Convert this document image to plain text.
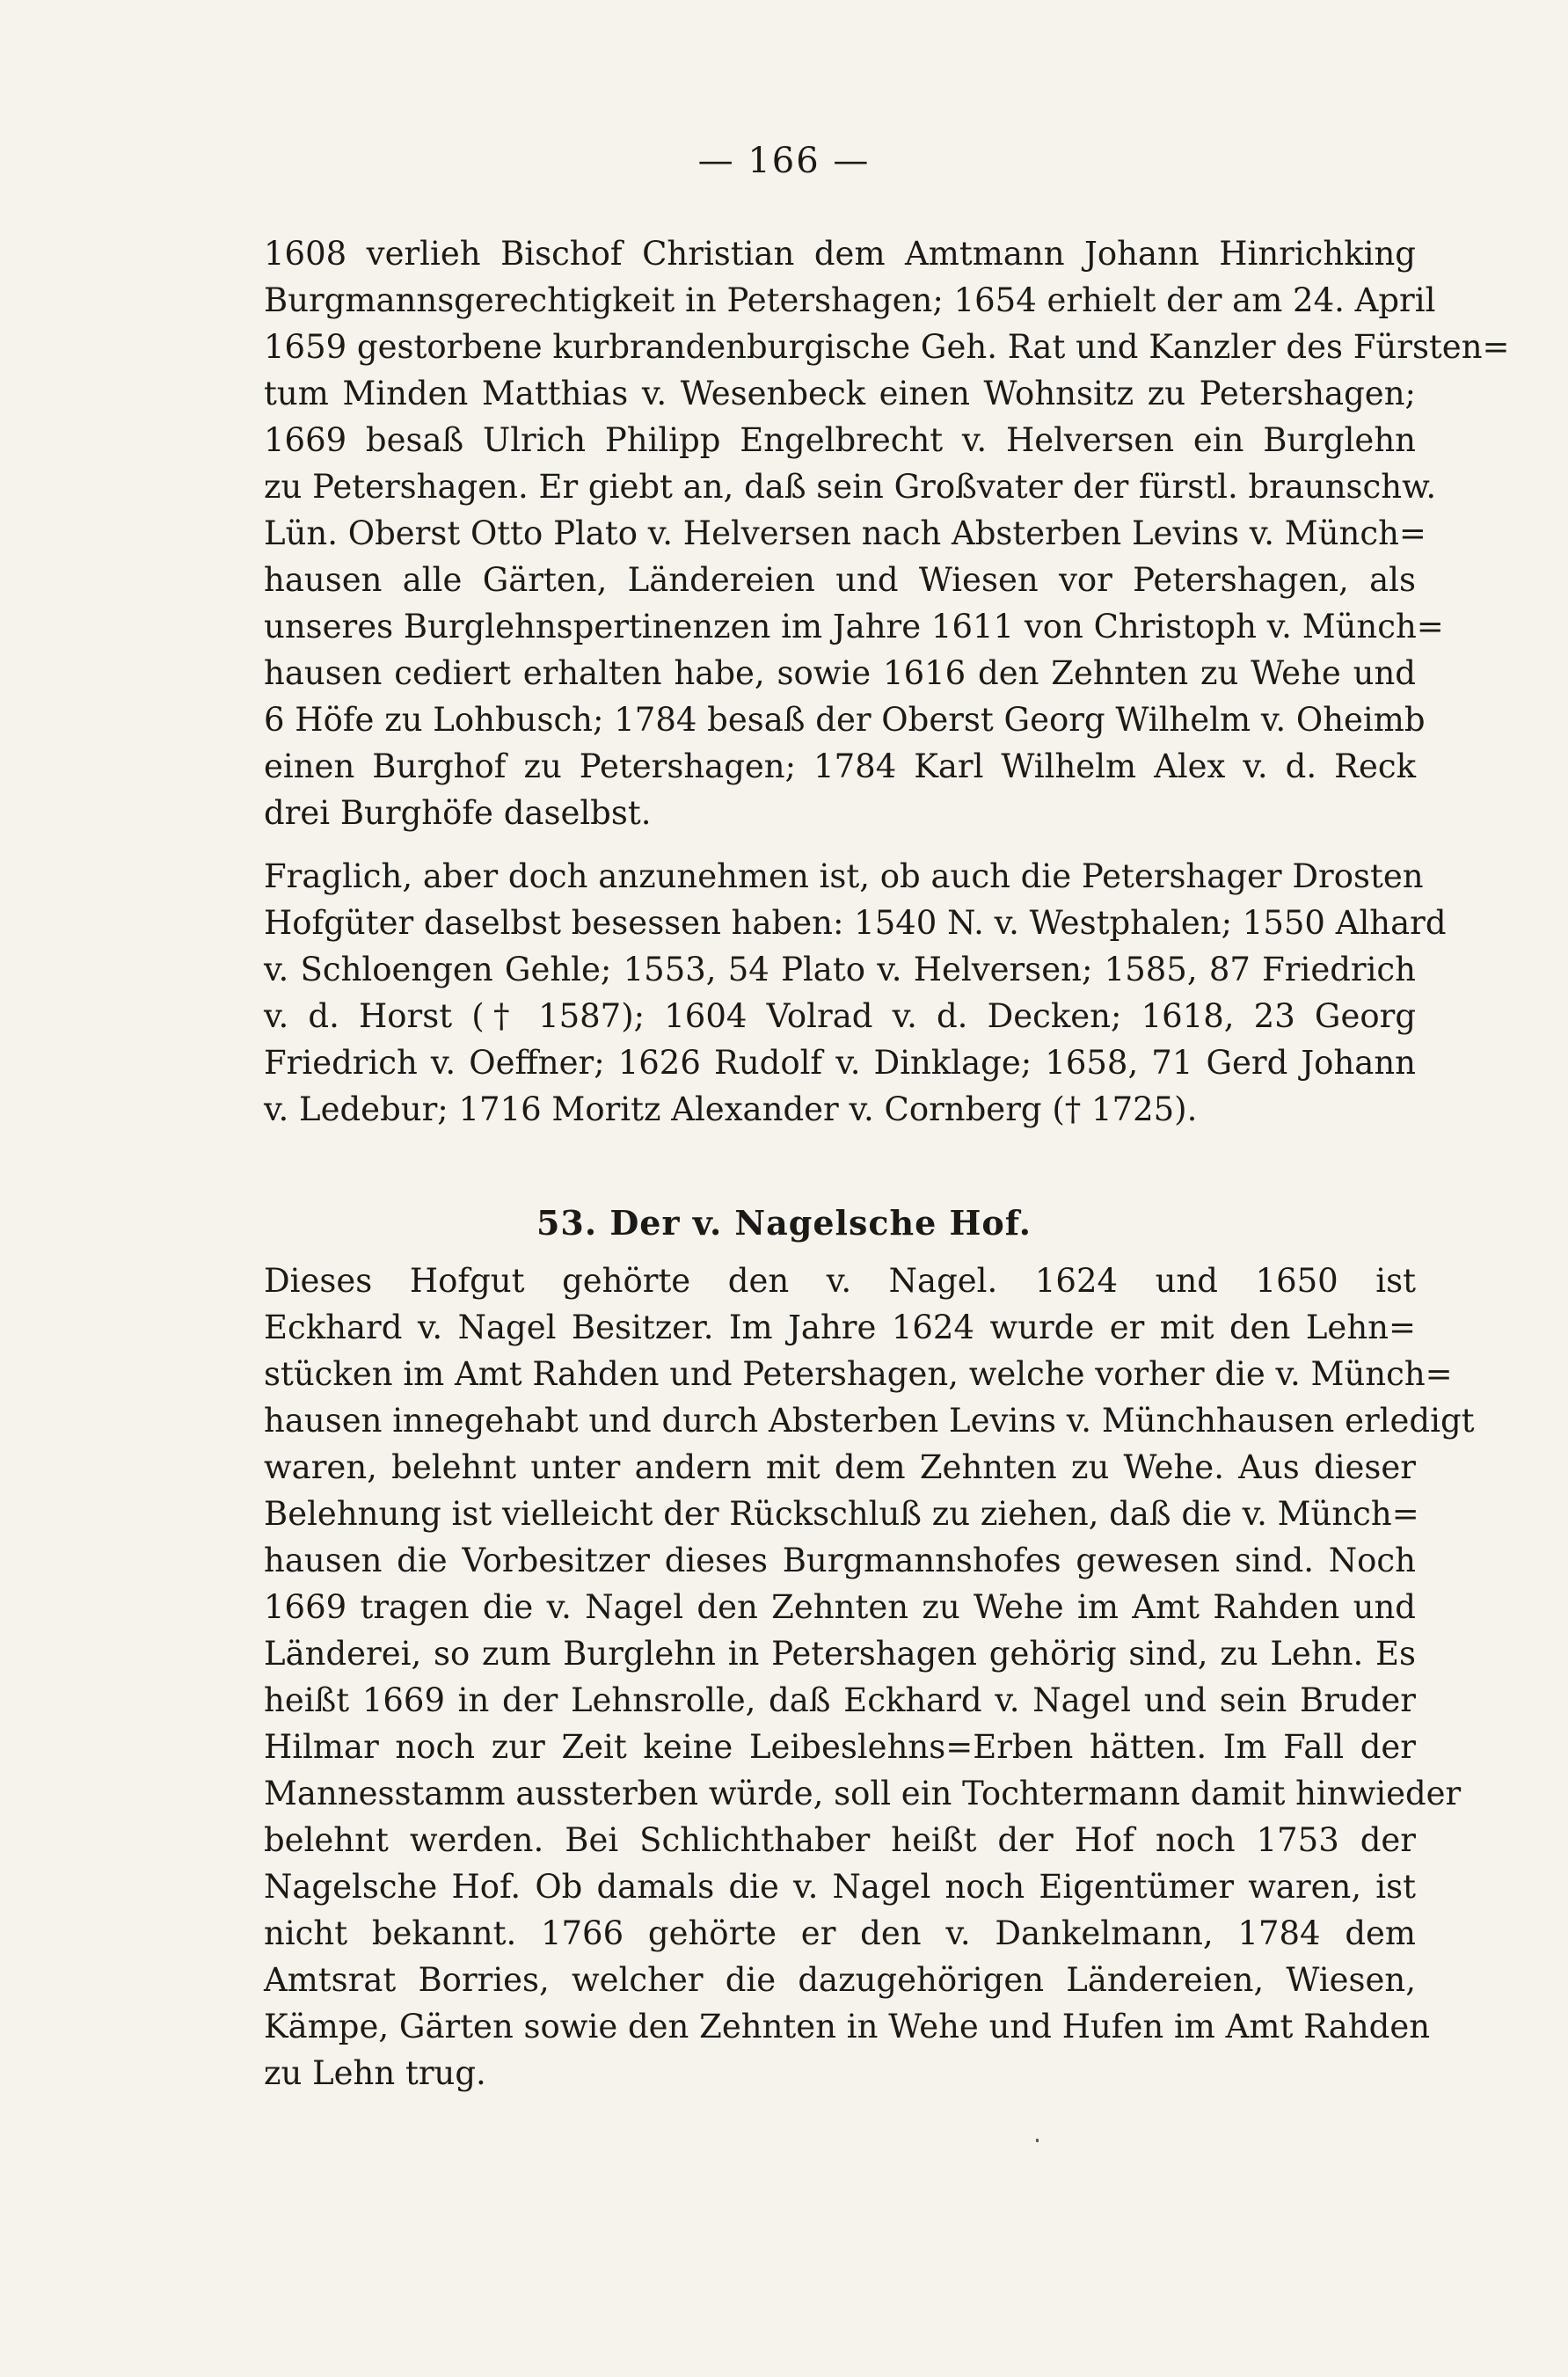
— 166 —
1608 verlieh Bischof Christian dem Amtmann Johann Hinrichking
Burgmannsgerechtigkeit in Petershagen; 1654 erhielt der am 24. April
1659 gestorbene kurbrandenburgische Geh. Rat und Kanzler des Fürsten=
tum Minden Matthias v. Wesenbeck einen Wohnsitz zu Petershagen;
1669 besaß Ulrich Philipp Engelbrecht v. Helversen ein Burglehn
zu Petershagen. Er giebt an, daß sein Großvater der fürstl. braunschw.
Lün. Oberst Otto Plato v. Helversen nach Absterben Levins v. Münch=
hausen alle Gärten, Ländereien und Wiesen vor Petershagen, als
unseres Burglehnspertinenzen im Jahre 1611 von Christoph v. Münch=
hausen cediert erhalten habe, sowie 1616 den Zehnten zu Wehe und
6 Höfe zu Lohbusch; 1784 besaß der Oberst Georg Wilhelm v. Oheimb
einen Burghof zu Petershagen; 1784 Karl Wilhelm Alex v. d. Reck
drei Burghöfe daselbst.
Fraglich, aber doch anzunehmen ist, ob auch die Petershager Drosten
Hofgüter daselbst besessen haben: 1540 N. v. Westphalen; 1550 Alhard
v. Schloengen Gehle; 1553, 54 Plato v. Helversen; 1585, 87 Friedrich
v. d. Horst († 1587); 1604 Volrad v. d. Decken; 1618, 23 Georg
Friedrich v. Oeffner; 1626 Rudolf v. Dinklage; 1658, 71 Gerd Johann
v. Ledebur; 1716 Moritz Alexander v. Cornberg († 1725).
53. Der v. Nagelsche Hof.
Dieses Hofgut gehörte den v. Nagel. 1624 und 1650 ist
Eckhard v. Nagel Besitzer. Im Jahre 1624 wurde er mit den Lehn=
stücken im Amt Rahden und Petershagen, welche vorher die v. Münch=
hausen innegehabt und durch Absterben Levins v. Münchhausen erledigt
waren, belehnt unter andern mit dem Zehnten zu Wehe. Aus dieser
Belehnung ist vielleicht der Rückschluß zu ziehen, daß die v. Münch=
hausen die Vorbesitzer dieses Burgmannshofes gewesen sind. Noch
1669 tragen die v. Nagel den Zehnten zu Wehe im Amt Rahden und
Länderei, so zum Burglehn in Petershagen gehörig sind, zu Lehn. Es
heißt 1669 in der Lehnsrolle, daß Eckhard v. Nagel und sein Bruder
Hilmar noch zur Zeit keine Leibeslehns=Erben hätten. Im Fall der
Mannesstamm aussterben würde, soll ein Tochtermann damit hinwieder
belehnt werden. Bei Schlichthaber heißt der Hof noch 1753 der
Nagelsche Hof. Ob damals die v. Nagel noch Eigentümer waren, ist
nicht bekannt. 1766 gehörte er den v. Dankelmann, 1784 dem
Amtsrat Borries, welcher die dazugehörigen Ländereien, Wiesen,
Kämpe, Gärten sowie den Zehnten in Wehe und Hufen im Amt Rahden
zu Lehn trug.
